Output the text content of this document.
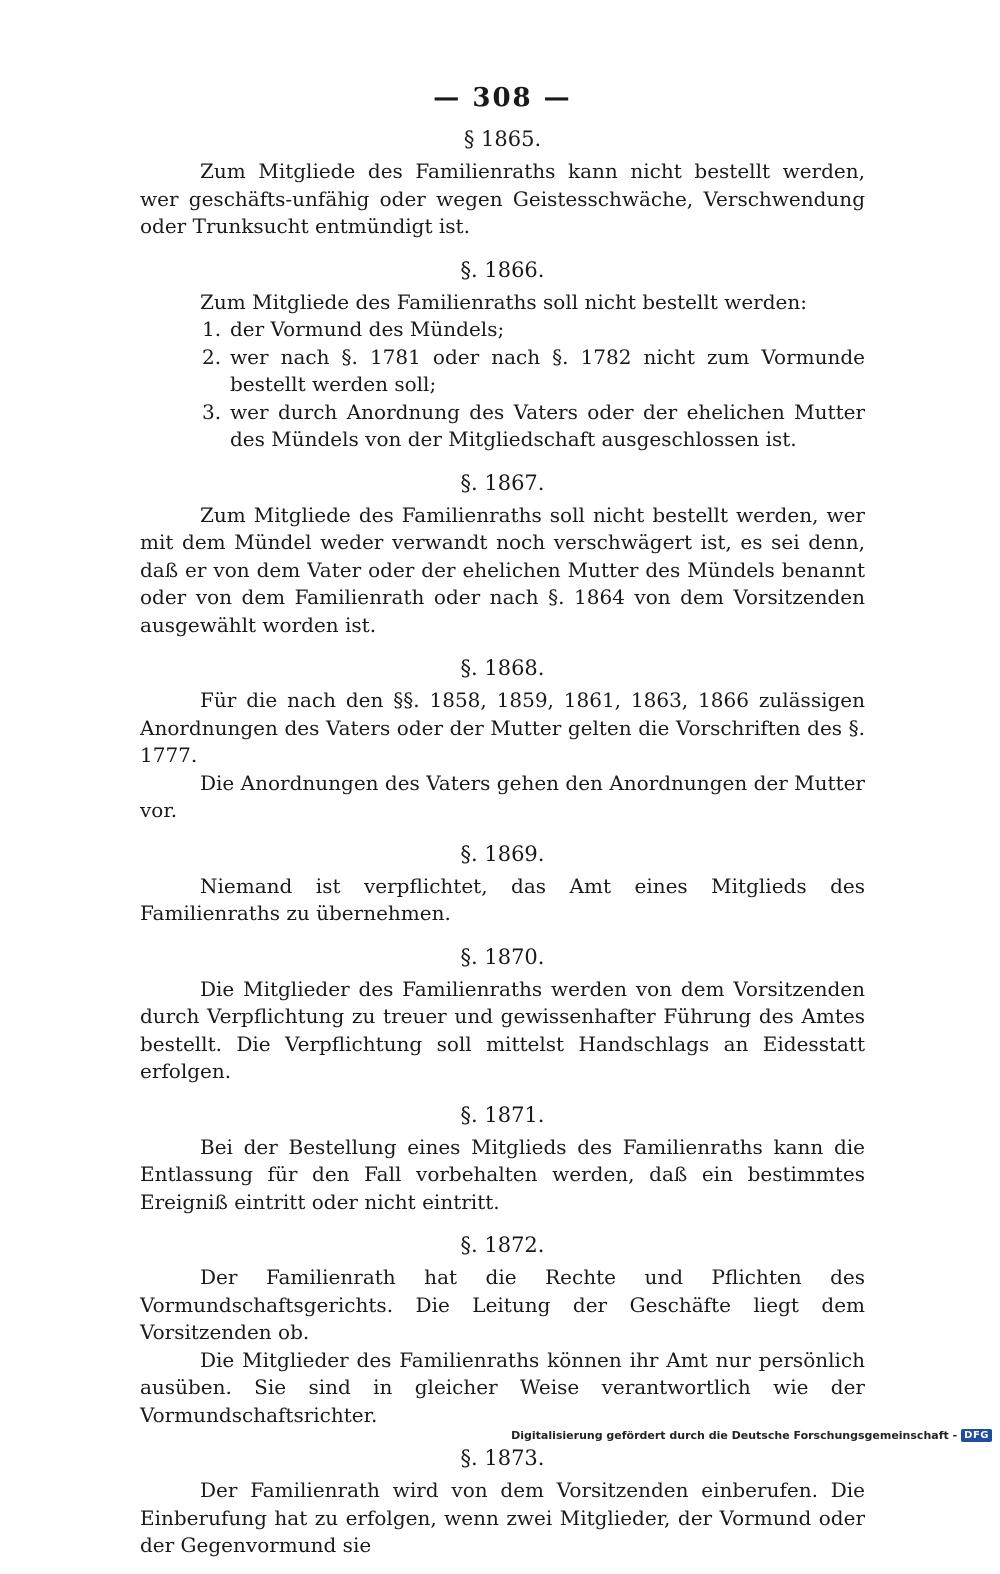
— 308 —
§ 1865.

Zum Mitgliede des Familienraths kann nicht bestellt werden, wer geschäfts-unfähig oder wegen Geistesschwäche, Verschwendung oder Trunksucht entmündigt ist.

§. 1866.

Zum Mitgliede des Familienraths soll nicht bestellt werden:

1. der Vormund des Mündels;
2. wer nach §. 1781 oder nach §. 1782 nicht zum Vormunde bestellt werden soll;
3. wer durch Anordnung des Vaters oder der ehelichen Mutter des Mündels von der Mitgliedschaft ausgeschlossen ist.
§. 1867.

Zum Mitgliede des Familienraths soll nicht bestellt werden, wer mit dem Mündel weder verwandt noch verschwägert ist, es sei denn, daß er von dem Vater oder der ehelichen Mutter des Mündels benannt oder von dem Familienrath oder nach §. 1864 von dem Vorsitzenden ausgewählt worden ist.

§. 1868.

Für die nach den §§. 1858, 1859, 1861, 1863, 1866 zulässigen Anordnungen des Vaters oder der Mutter gelten die Vorschriften des §. 1777.

Die Anordnungen des Vaters gehen den Anordnungen der Mutter vor.

§. 1869.

Niemand ist verpflichtet, das Amt eines Mitglieds des Familienraths zu übernehmen.

§. 1870.

Die Mitglieder des Familienraths werden von dem Vorsitzenden durch Verpflichtung zu treuer und gewissenhafter Führung des Amtes bestellt. Die Verpflichtung soll mittelst Handschlags an Eidesstatt erfolgen.

§. 1871.

Bei der Bestellung eines Mitglieds des Familienraths kann die Entlassung für den Fall vorbehalten werden, daß ein bestimmtes Ereigniß eintritt oder nicht eintritt.

§. 1872.

Der Familienrath hat die Rechte und Pflichten des Vormundschaftsgerichts. Die Leitung der Geschäfte liegt dem Vorsitzenden ob.

Die Mitglieder des Familienraths können ihr Amt nur persönlich ausüben. Sie sind in gleicher Weise verantwortlich wie der Vormundschaftsrichter.

§. 1873.

Der Familienrath wird von dem Vorsitzenden einberufen. Die Einberufung hat zu erfolgen, wenn zwei Mitglieder, der Vormund oder der Gegenvormund sie

Digitalisierung gefördert durch die Deutsche Forschungsgemeinschaft - DFG
